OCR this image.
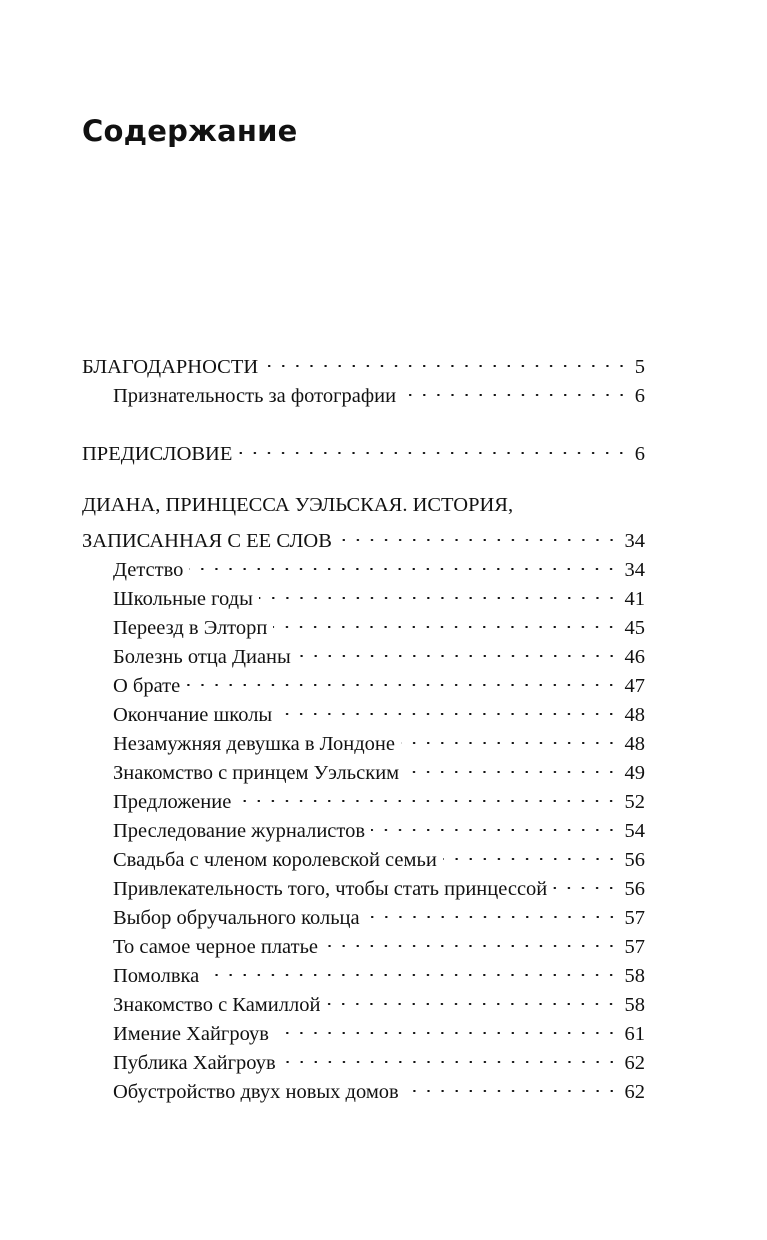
Содержание
БЛАГОДАРНОСТИ	5
Признательность за фотографии	6
ПРЕДИСЛОВИЕ	6
ДИАНА, ПРИНЦЕССА УЭЛЬСКАЯ. ИСТОРИЯ,
ЗАПИСАННАЯ С ЕЕ СЛОВ	34
Детство	34
Школьные годы	41
Переезд в Элторп	45
Болезнь отца Дианы	46
О брате	47
Окончание школы	48
Незамужняя девушка в Лондоне	48
Знакомство с принцем Уэльским	49
Предложение	52
Преследование журналистов	54
Свадьба с членом королевской семьи	56
Привлекательность того, чтобы стать принцессой	56
Выбор обручального кольца	57
То самое черное платье	57
Помолвка	58
Знакомство с Камиллой	58
Имение Хайгроув	61
Публика Хайгроув	62
Обустройство двух новых домов	62
